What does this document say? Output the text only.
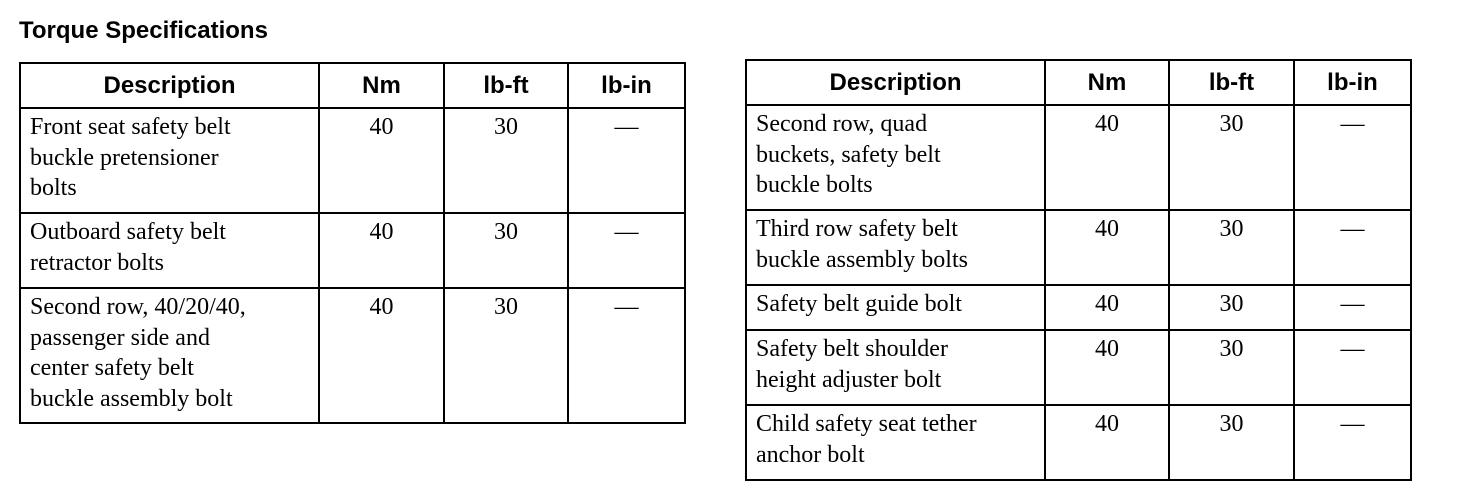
Torque Specifications
Description	Nm	lb-ft	lb-in

Front seat safety belt
buckle pretensioner
bolts	40	30	—

Outboard safety belt
retractor bolts	40	30	—

Second row, 40/20/40,
passenger side and
center safety belt
buckle assembly bolt	40	30	—
Description	Nm	lb-ft	lb-in

Second row, quad
buckets, safety belt
buckle bolts	40	30	—

Third row safety belt
buckle assembly bolts	40	30	—

Safety belt guide bolt	40	30	—

Safety belt shoulder
height adjuster bolt	40	30	—

Child safety seat tether
anchor bolt	40	30	—
